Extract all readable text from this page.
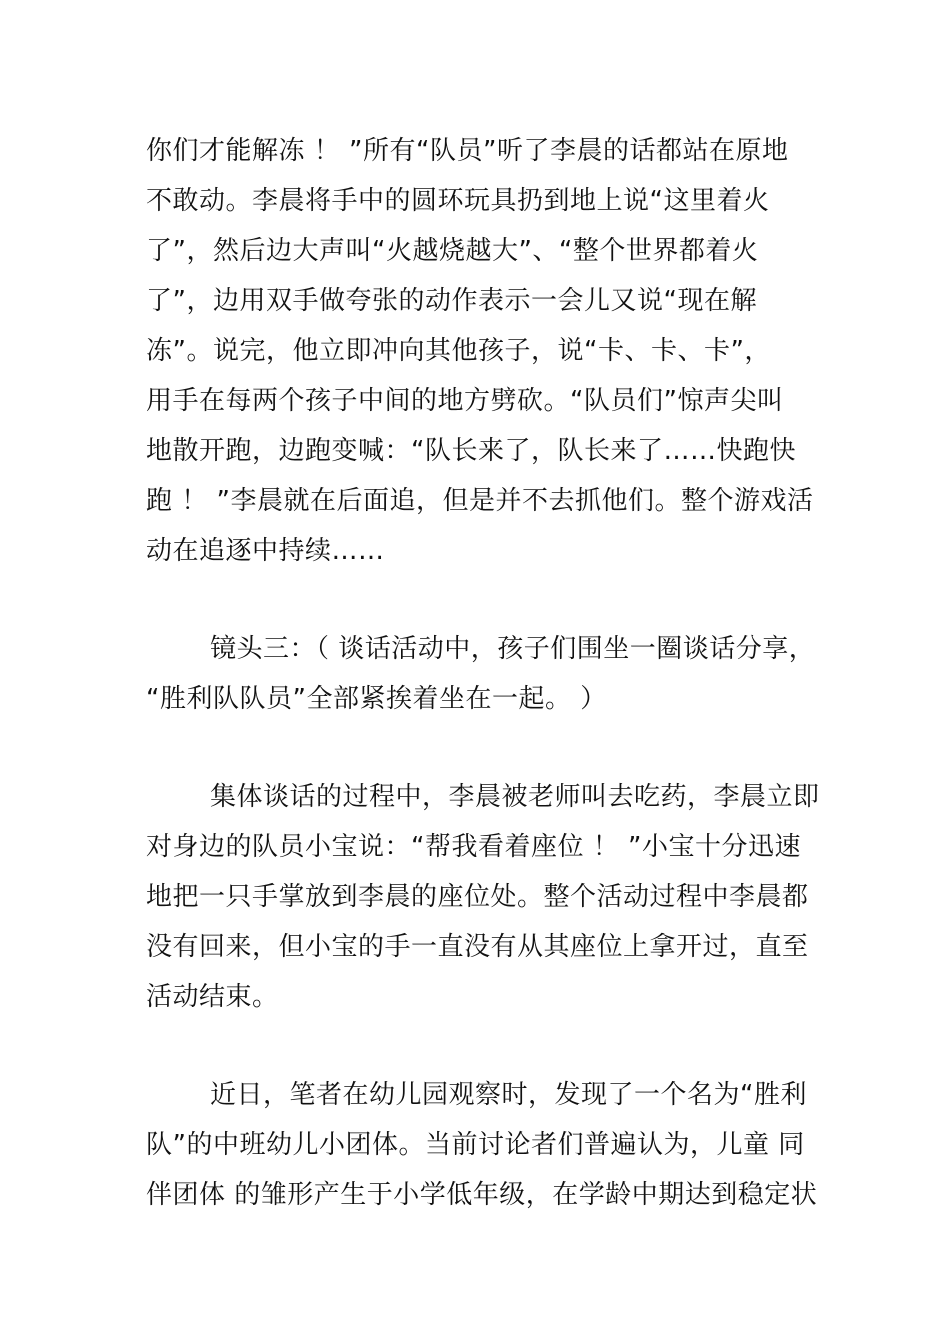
你们才能解冻 ！ ”所有“队员”听了李晨的话都站在原地
不敢动。李晨将手中的圆环玩具扔到地上说“这里着火
了”，然后边大声叫“火越烧越大”、“整个世界都着火
了”，边用双手做夸张的动作表示一会儿又说“现在解
冻”。说完，他立即冲向其他孩子，说“卡、卡、卡”，
用手在每两个孩子中间的地方劈砍。“队员们”惊声尖叫
地散开跑，边跑变喊：“队长来了，队长来了……快跑快
跑 ！ ”李晨就在后面追，但是并不去抓他们。整个游戏活
动在追逐中持续……
镜头三：（ 谈话活动中，孩子们围坐一圈谈话分享，
“胜利队队员”全部紧挨着坐在一起。 ）
集体谈话的过程中，李晨被老师叫去吃药，李晨立即
对身边的队员小宝说：“帮我看着座位 ！ ”小宝十分迅速
地把一只手掌放到李晨的座位处。整个活动过程中李晨都
没有回来，但小宝的手一直没有从其座位上拿开过，直至
活动结束。
近日，笔者在幼儿园观察时，发现了一个名为“胜利
队”的中班幼儿小团体。当前讨论者们普遍认为，儿童 同
伴团体 的雏形产生于小学低年级，在学龄中期达到稳定状
